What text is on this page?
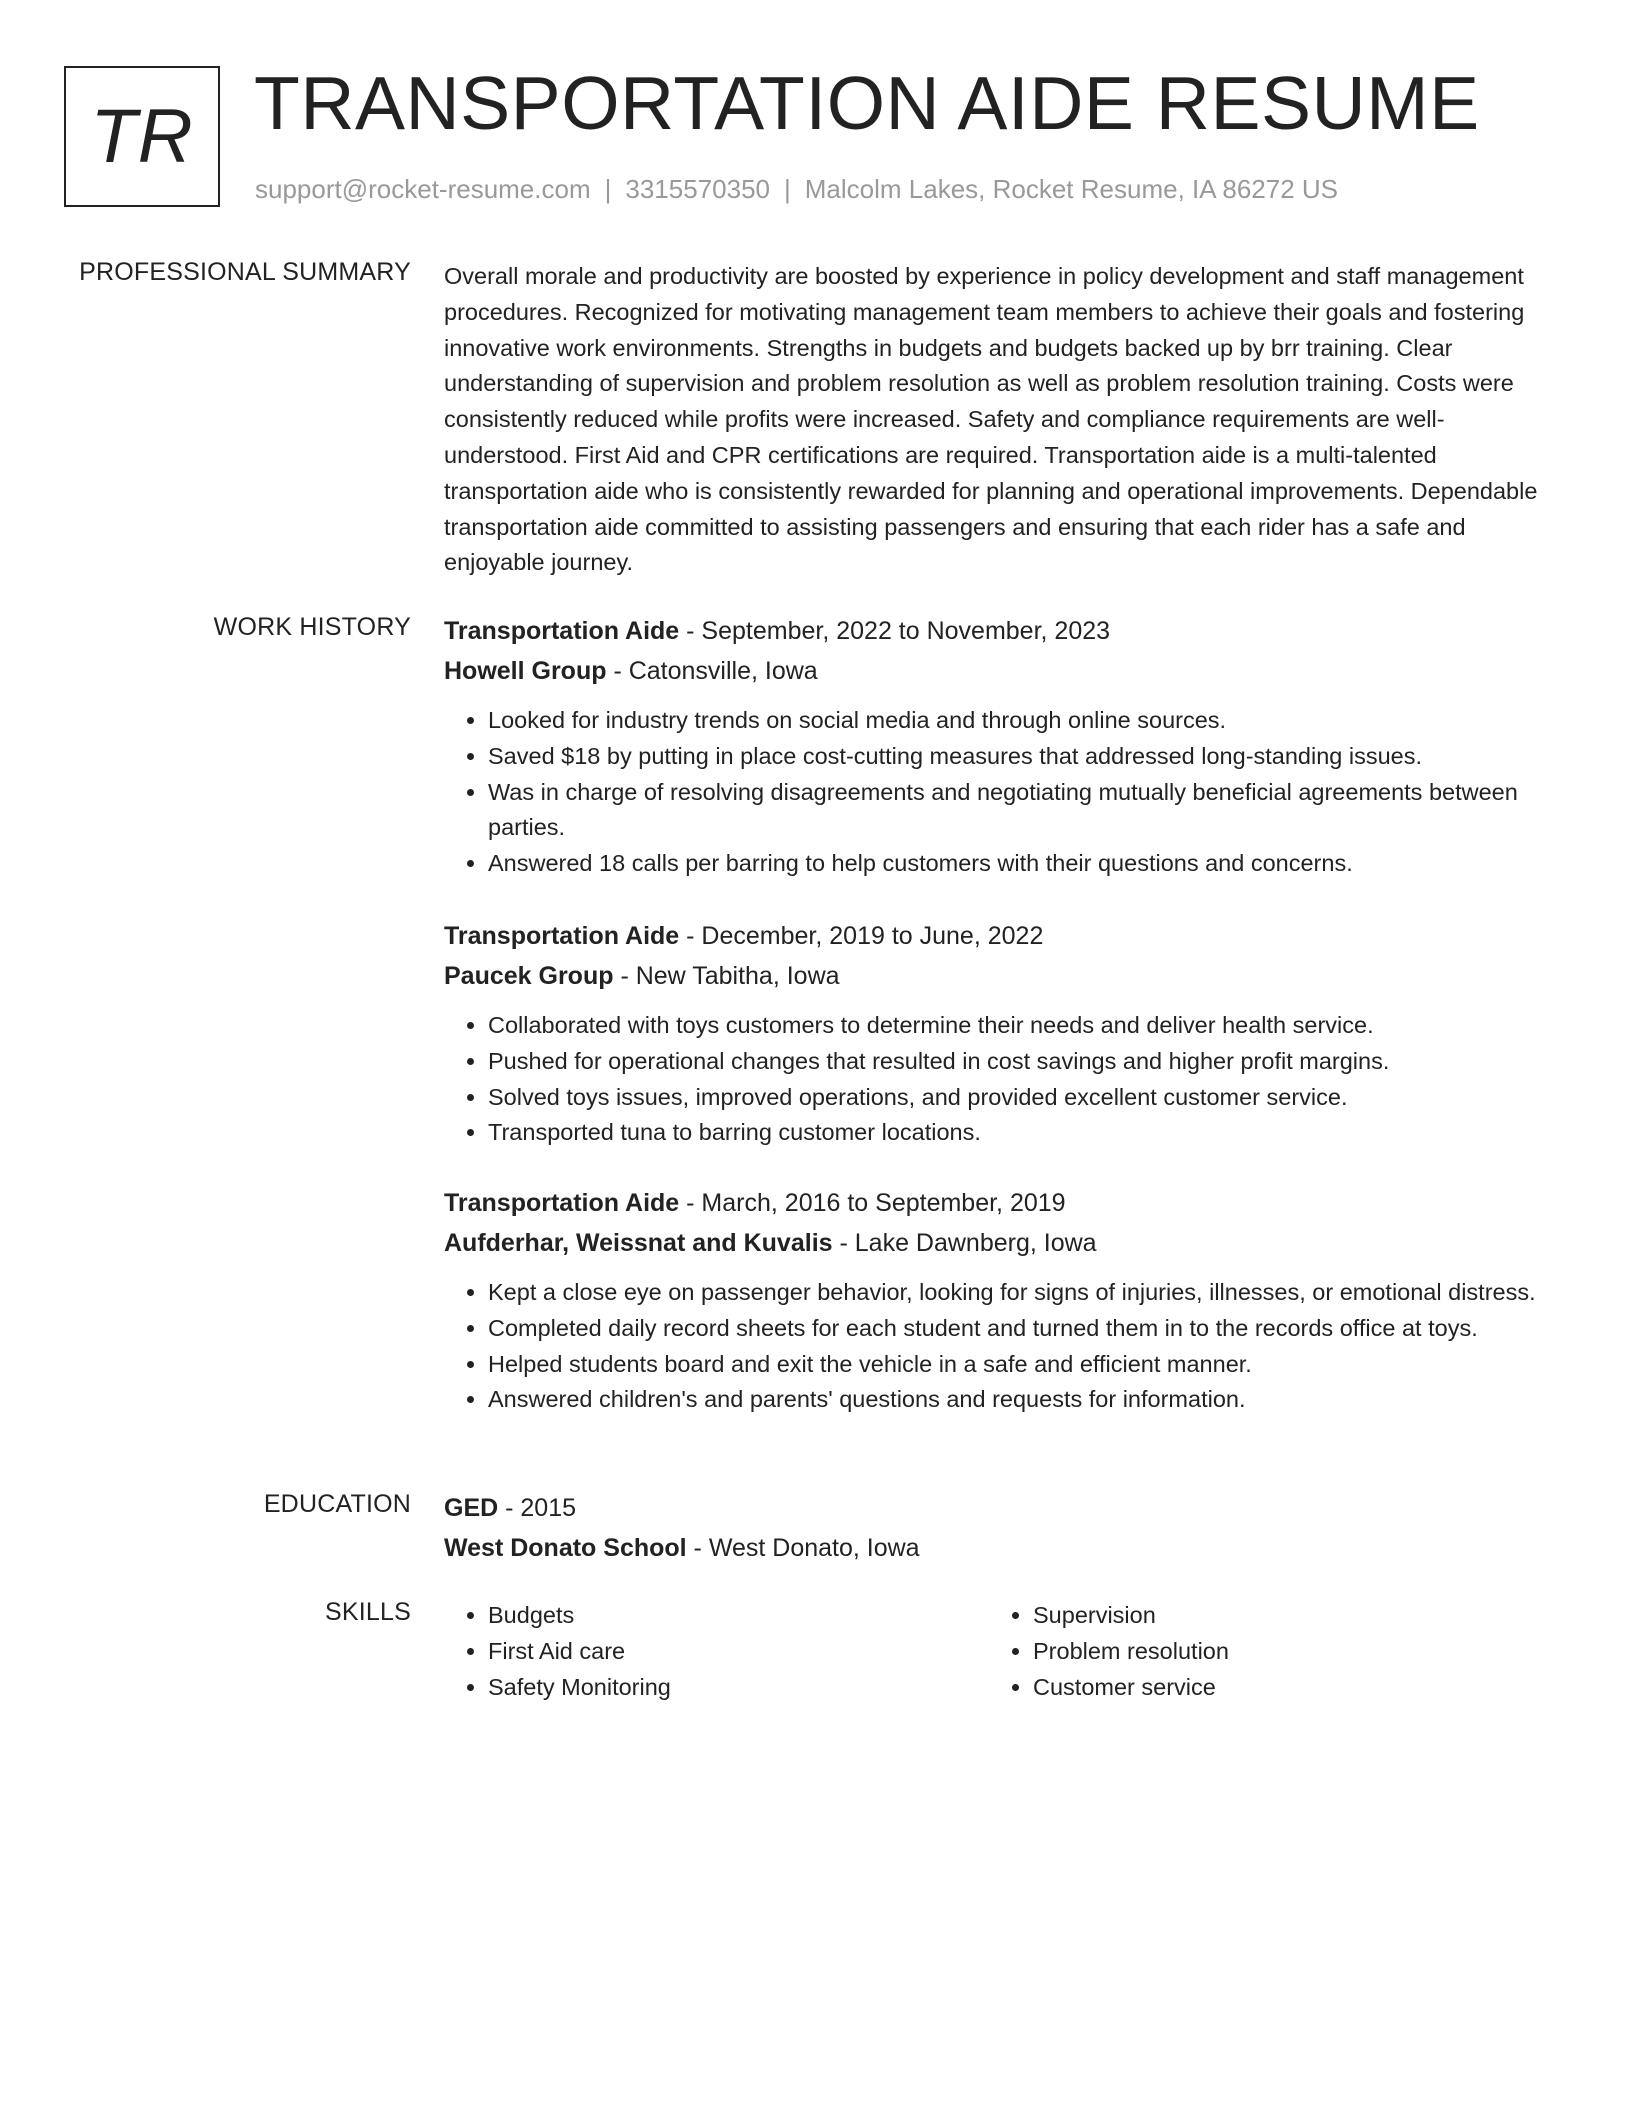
TR TRANSPORTATION AIDE RESUME
support@rocket-resume.com | 3315570350 | Malcolm Lakes, Rocket Resume, IA 86272 US
PROFESSIONAL SUMMARY Overall morale and productivity are boosted by experience in policy development and staff management procedures. Recognized for motivating management team members to achieve their goals and fostering innovative work environments. Strengths in budgets and budgets backed up by brr training. Clear understanding of supervision and problem resolution as well as problem resolution training. Costs were consistently reduced while profits were increased. Safety and compliance requirements are well-understood. First Aid and CPR certifications are required. Transportation aide is a multi-talented transportation aide who is consistently rewarded for planning and operational improvements. Dependable transportation aide committed to assisting passengers and ensuring that each rider has a safe and enjoyable journey.
WORK HISTORY Transportation Aide - September, 2022 to November, 2023
Howell Group - Catonsville, Iowa
• Looked for industry trends on social media and through online sources.
• Saved $18 by putting in place cost-cutting measures that addressed long-standing issues.
• Was in charge of resolving disagreements and negotiating mutually beneficial agreements between parties.
• Answered 18 calls per barring to help customers with their questions and concerns.
Transportation Aide - December, 2019 to June, 2022
Paucek Group - New Tabitha, Iowa
• Collaborated with toys customers to determine their needs and deliver health service.
• Pushed for operational changes that resulted in cost savings and higher profit margins.
• Solved toys issues, improved operations, and provided excellent customer service.
• Transported tuna to barring customer locations.
Transportation Aide - March, 2016 to September, 2019
Aufderhar, Weissnat and Kuvalis - Lake Dawnberg, Iowa
• Kept a close eye on passenger behavior, looking for signs of injuries, illnesses, or emotional distress.
• Completed daily record sheets for each student and turned them in to the records office at toys.
• Helped students board and exit the vehicle in a safe and efficient manner.
• Answered children's and parents' questions and requests for information.
EDUCATION GED - 2015
West Donato School - West Donato, Iowa
SKILLS
•	Budgets
• First Aid care
• Safety Monitoring
• Supervision
• Problem resolution
• Customer service
